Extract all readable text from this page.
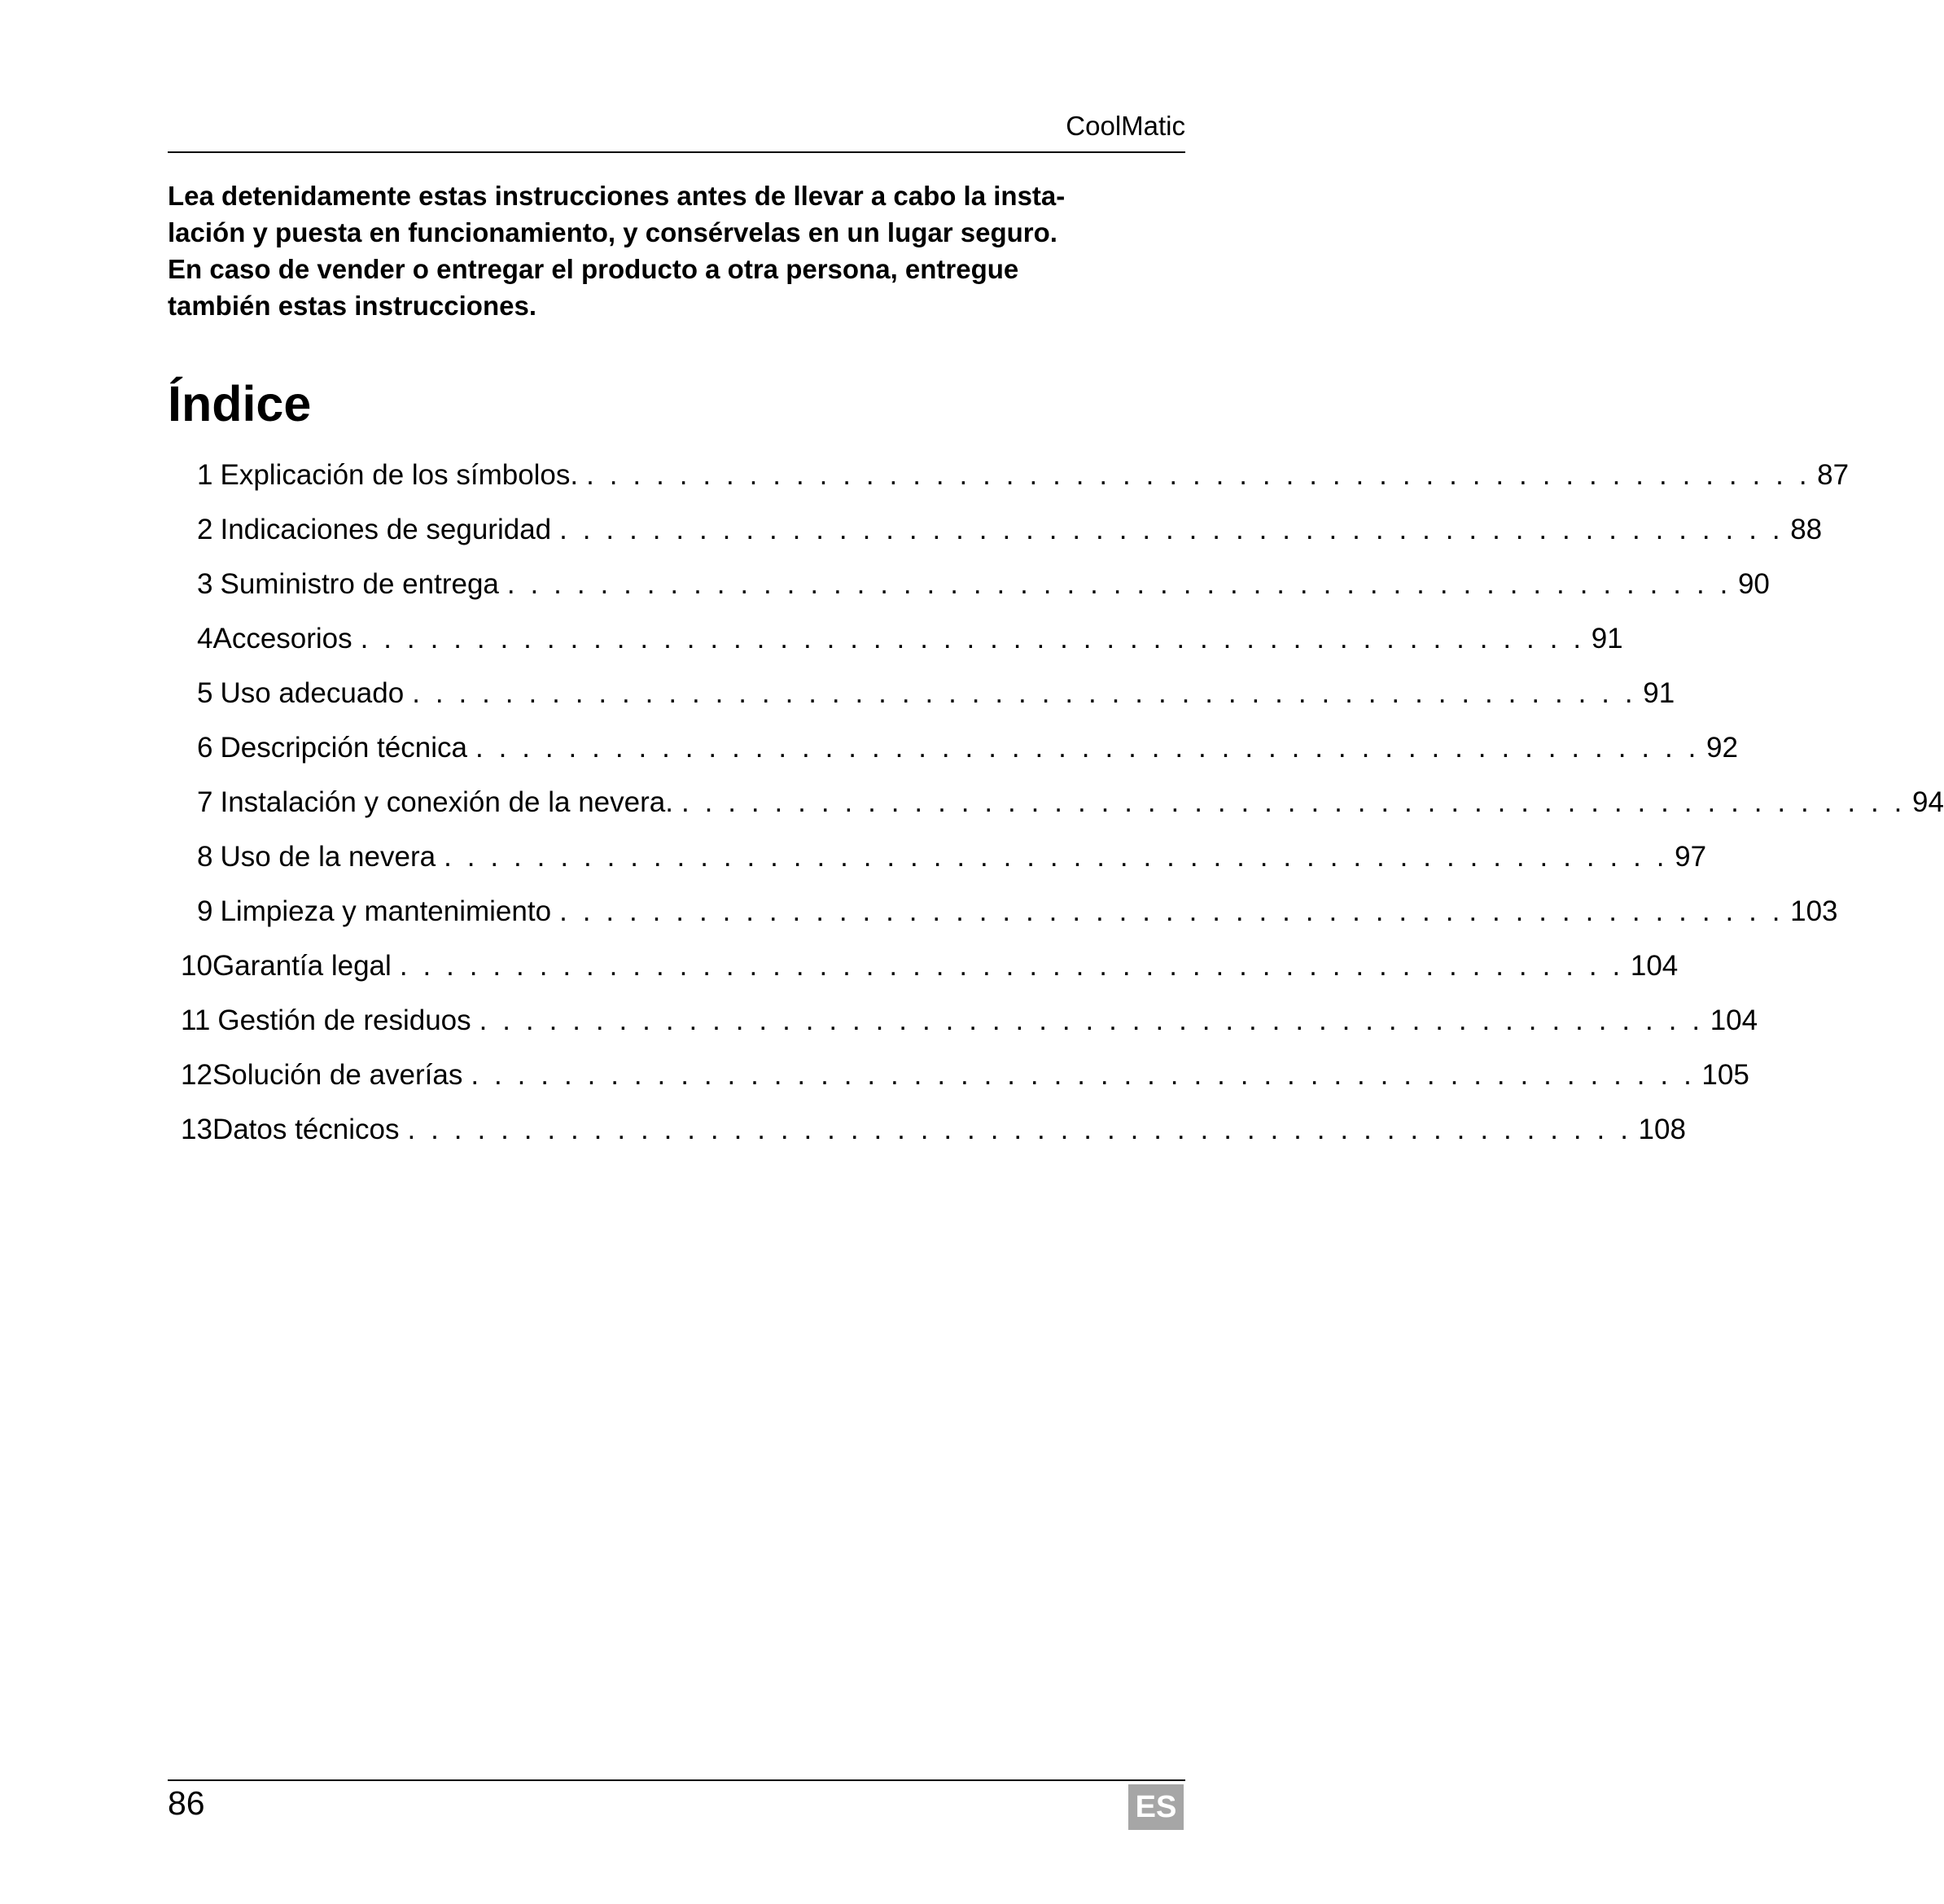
CoolMatic
Lea detenidamente estas instrucciones antes de llevar a cabo la insta-
lación y puesta en funcionamiento, y consérvelas en un lugar seguro.
En caso de vender o entregar el producto a otra persona, entregue
también estas instrucciones.
Índice
1 Explicación de los símbolos. . . . . . . . . . . . . . . . . . . . . . . . . . . . . . . . . . . . . . . . . . . . . . . . . . . . . . 87
2 Indicaciones de seguridad . . . . . . . . . . . . . . . . . . . . . . . . . . . . . . . . . . . . . . . . . . . . . . . . . . . . . 88
3 Suministro de entrega . . . . . . . . . . . . . . . . . . . . . . . . . . . . . . . . . . . . . . . . . . . . . . . . . . . . . 90
4 Accesorios . . . . . . . . . . . . . . . . . . . . . . . . . . . . . . . . . . . . . . . . . . . . . . . . . . . . . 91
5 Uso adecuado . . . . . . . . . . . . . . . . . . . . . . . . . . . . . . . . . . . . . . . . . . . . . . . . . . . . . 91
6 Descripción técnica . . . . . . . . . . . . . . . . . . . . . . . . . . . . . . . . . . . . . . . . . . . . . . . . . . . . . 92
7 Instalación y conexión de la nevera. . . . . . . . . . . . . . . . . . . . . . . . . . . . . . . . . . . . . . . . . . . . . . . . . . . . . . 94
8 Uso de la nevera . . . . . . . . . . . . . . . . . . . . . . . . . . . . . . . . . . . . . . . . . . . . . . . . . . . . . 97
9 Limpieza y mantenimiento . . . . . . . . . . . . . . . . . . . . . . . . . . . . . . . . . . . . . . . . . . . . . . . . . . . . . 103
10 Garantía legal . . . . . . . . . . . . . . . . . . . . . . . . . . . . . . . . . . . . . . . . . . . . . . . . . . . . . 104
11 Gestión de residuos . . . . . . . . . . . . . . . . . . . . . . . . . . . . . . . . . . . . . . . . . . . . . . . . . . . . . 104
12 Solución de averías . . . . . . . . . . . . . . . . . . . . . . . . . . . . . . . . . . . . . . . . . . . . . . . . . . . . . 105
13 Datos técnicos . . . . . . . . . . . . . . . . . . . . . . . . . . . . . . . . . . . . . . . . . . . . . . . . . . . . . 108
86	ES
